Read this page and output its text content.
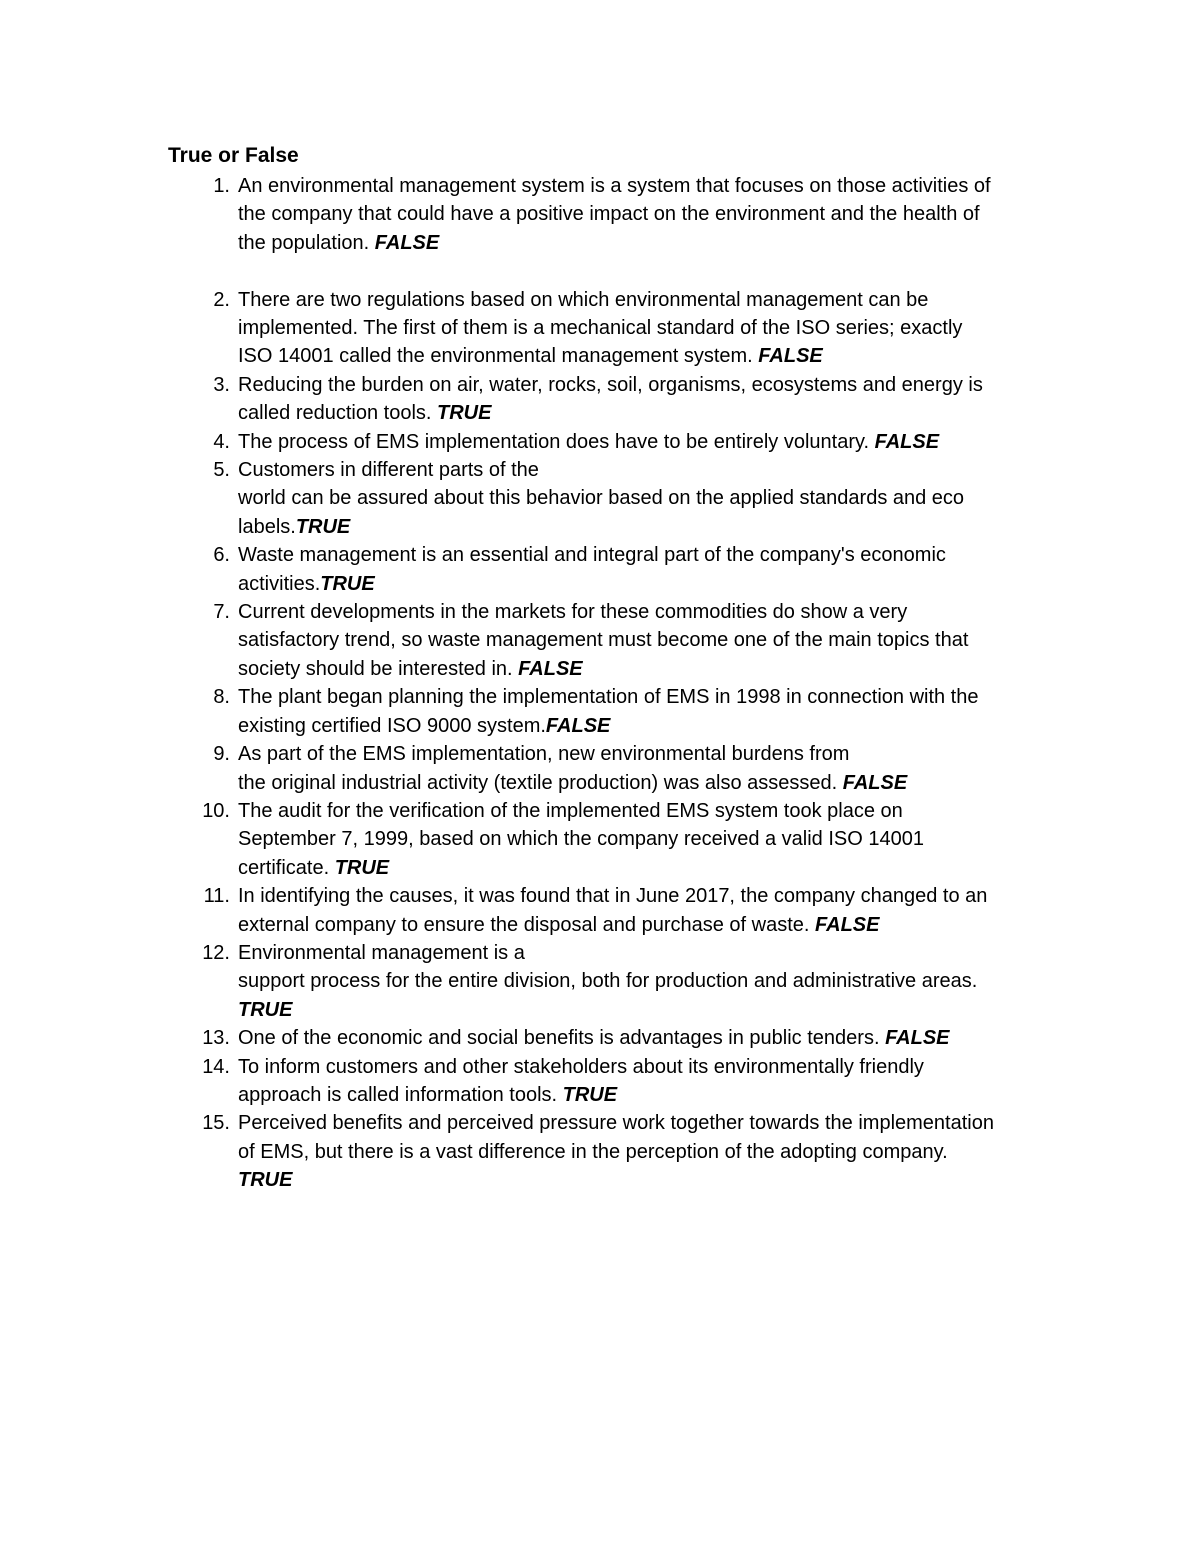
True or False
1. An environmental management system is a system that focuses on those activities of
the company that could have a positive impact on the environment and the health of
the population. FALSE
2. There are two regulations based on which environmental management can be
implemented. The first of them is a mechanical standard of the ISO series; exactly
ISO 14001 called the environmental management system. FALSE
3. Reducing the burden on air, water, rocks, soil, organisms, ecosystems and energy is
called reduction tools. TRUE
4. The process of EMS implementation does have to be entirely voluntary. FALSE
5. Customers in different parts of the
world can be assured about this behavior based on the applied standards and eco
labels.TRUE
6. Waste management is an essential and integral part of the company's economic
activities.TRUE
7. Current developments in the markets for these commodities do show a very
satisfactory trend, so waste management must become one of the main topics that
society should be interested in. FALSE
8. The plant began planning the implementation of EMS in 1998 in connection with the
existing certified ISO 9000 system.FALSE
9. As part of the EMS implementation, new environmental burdens from
the original industrial activity (textile production) was also assessed. FALSE
10. The audit for the verification of the implemented EMS system took place on
September 7, 1999, based on which the company received a valid ISO 14001
certificate. TRUE
11. In identifying the causes, it was found that in June 2017, the company changed to an
external company to ensure the disposal and purchase of waste. FALSE
12. Environmental management is a
support process for the entire division, both for production and administrative areas.
TRUE
13. One of the economic and social benefits is advantages in public tenders. FALSE
14. To inform customers and other stakeholders about its environmentally friendly
approach is called information tools. TRUE
15. Perceived benefits and perceived pressure work together towards the implementation
of EMS, but there is a vast difference in the perception of the adopting company.
TRUE
